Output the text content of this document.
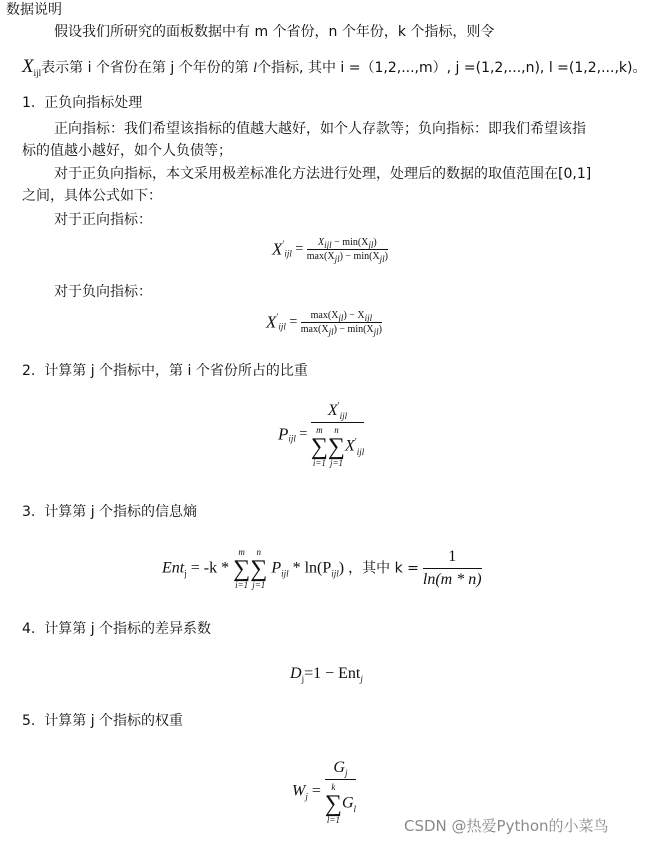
数据说明
假设我们所研究的面板数据中有 m 个省份，n 个年份，k 个指标，则令
$X_{ijl}$表示第 i 个省份在第 j 个年份的第 l个指标, 其中 i =（1,2,...,m）, j =(1,2,...,n), l =(1,2,...,k)。
1. 正负向指标处理
正向指标：我们希望该指标的值越大越好，如个人存款等；负向指标：即我们希望该指
标的值越小越好，如个人负债等；
对于正负向指标，本文采用极差标准化方法进行处理，处理后的数据的取值范围在[0,1]
之间，具体公式如下：
对于正向指标：
$X'_{ijl} = \frac{X_{ijl} - \min(X_{jl})}{\max(X_{jl}) - \min(X_{jl})}$
对于负向指标：
$X'_{ijl} = \frac{\max(X_{jl}) - X_{ijl}}{\max(X_{jl}) - \min(X_{jl})}$
2. 计算第 j 个指标中，第 i 个省份所占的比重
$P_{ijl} = X'_{ijl}$
m
∑
i=1
n
∑
j=1
$X'_{ijl}$
3. 计算第 j 个指标的信息熵
Ent$_j$ = -k *
m
∑
i=1
n
∑
j=1
$P_{ijl} * \ln(P_{ijl})$ ，其中 $k = \frac{1}{\ln(m * n)}$
4. 计算第 j 个指标的差异系数
$D_j=1 - Ent_j$
5. 计算第 j 个指标的权重
$W_j = G_j$
k
∑
l=1
$G_l$	CSDN @热爱Python的小菜鸟
